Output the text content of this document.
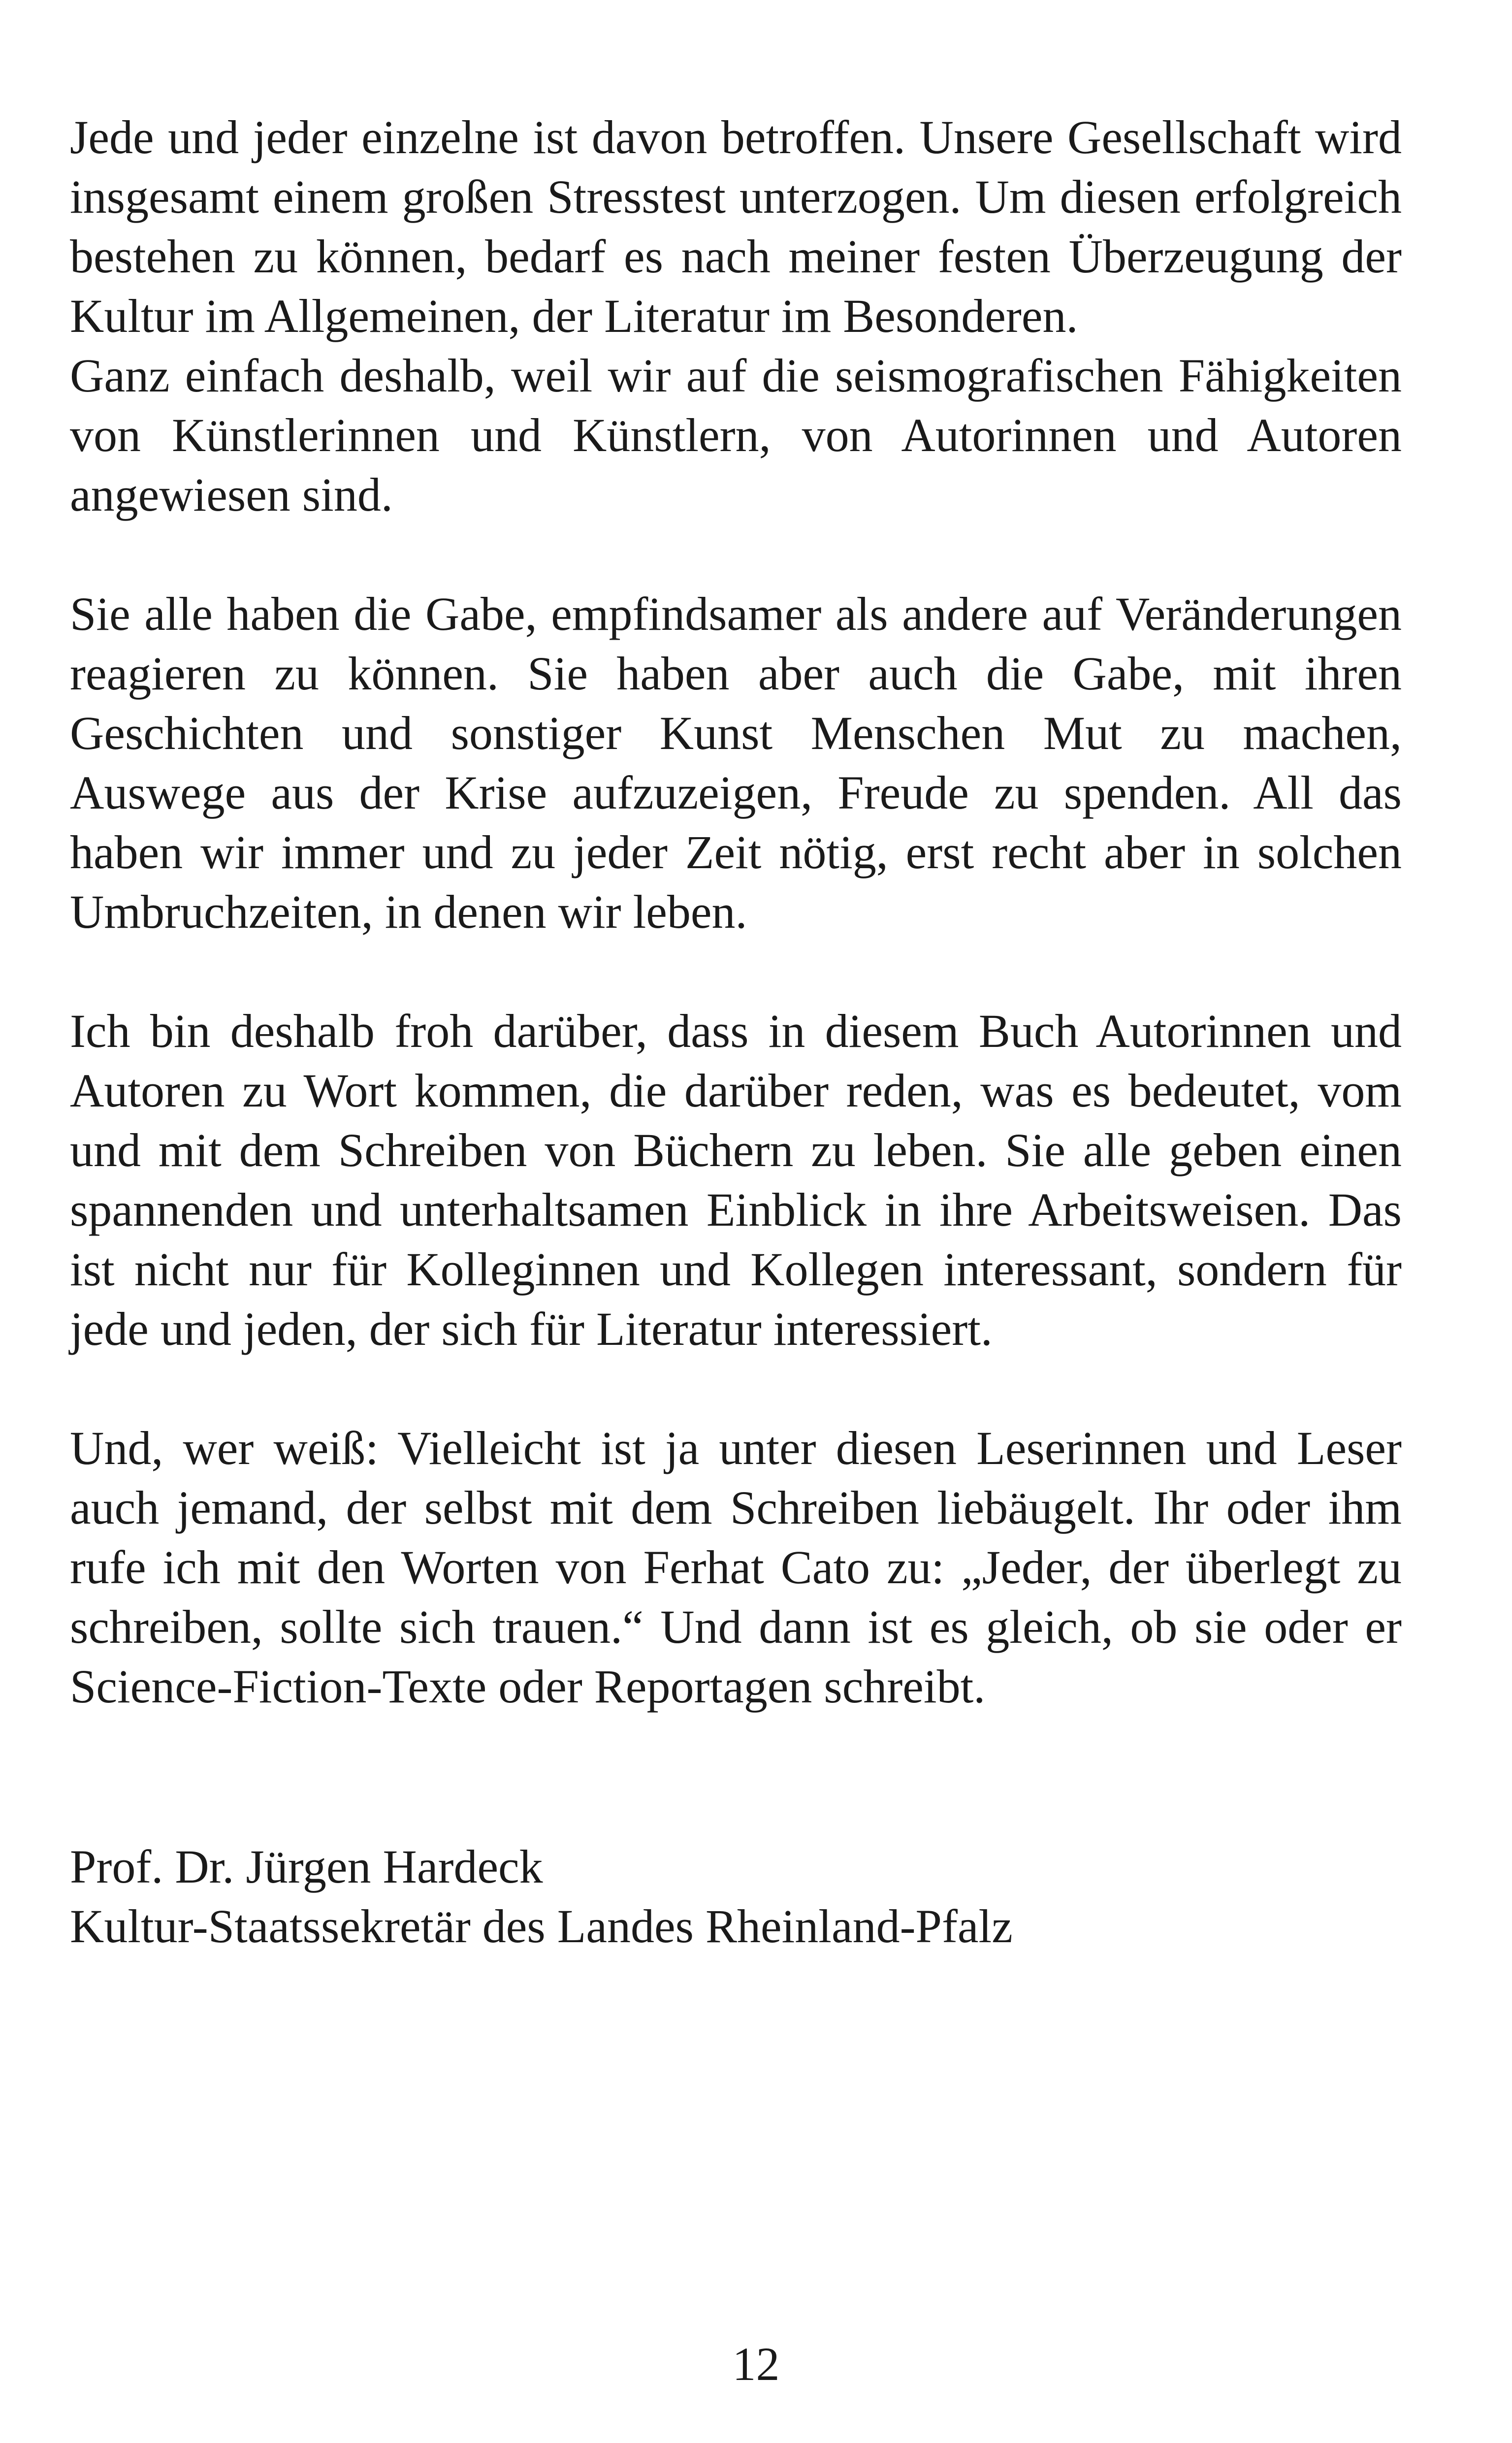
Jede und jeder einzelne ist davon betroffen. Unsere Gesellschaft wird insgesamt einem großen Stresstest unterzogen. Um diesen erfolgreich bestehen zu können, bedarf es nach meiner festen Überzeugung der Kultur im Allgemeinen, der Literatur im Besonderen.

Ganz einfach deshalb, weil wir auf die seismografischen Fähigkeiten von Künstlerinnen und Künstlern, von Autorinnen und Autoren angewiesen sind.

Sie alle haben die Gabe, empfindsamer als andere auf Veränderungen reagieren zu können. Sie haben aber auch die Gabe, mit ihren Geschichten und sonstiger Kunst Menschen Mut zu machen, Auswege aus der Krise aufzuzeigen, Freude zu spenden. All das haben wir immer und zu jeder Zeit nötig, erst recht aber in solchen Umbruchzeiten, in denen wir leben.

Ich bin deshalb froh darüber, dass in diesem Buch Autorinnen und Autoren zu Wort kommen, die darüber reden, was es bedeutet, vom und mit dem Schreiben von Büchern zu leben. Sie alle geben einen spannenden und unterhaltsamen Einblick in ihre Arbeitsweisen. Das ist nicht nur für Kolleginnen und Kollegen interessant, sondern für jede und jeden, der sich für Literatur interessiert.

Und, wer weiß: Vielleicht ist ja unter diesen Leserinnen und Leser auch jemand, der selbst mit dem Schreiben liebäugelt. Ihr oder ihm rufe ich mit den Worten von Ferhat Cato zu: „Jeder, der überlegt zu schreiben, sollte sich trauen.“ Und dann ist es gleich, ob sie oder er Science-Fiction-Texte oder Reportagen schreibt.

Prof. Dr. Jürgen Hardeck
Kultur-Staatssekretär des Landes Rheinland-Pfalz
12
